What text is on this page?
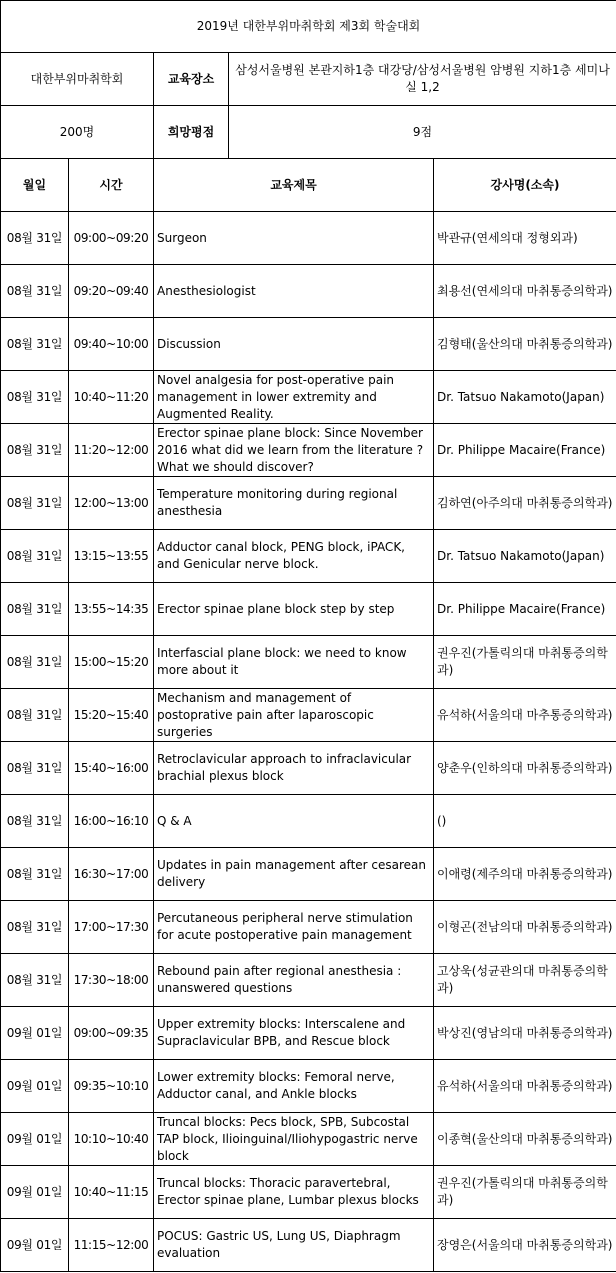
2019년 대한부위마취학회 제3회 학술대회				
대한부위마취학회		교육장소	삼성서울병원 본관지하1층 대강당/삼성서울병원 암병원 지하1층 세미나실 1,2	
200명		희망평점	9점	
월일	시간	교육제목		강사명(소속)
08월 31일	09:00~09:20	Surgeon		박관규(연세의대 정형외과)
08월 31일	09:20~09:40	Anesthesiologist		최용선(연세의대 마취통증의학과)
08월 31일	09:40~10:00	Discussion		김형태(울산의대 마취통증의학과)
08월 31일	10:40~11:20	Novel analgesia for post-operative pain management in lower extremity and Augmented Reality.		Dr. Tatsuo Nakamoto(Japan)
08월 31일	11:20~12:00	Erector spinae plane block: Since November 2016 what did we learn from the literature ? What we should discover?		Dr. Philippe Macaire(France)
08월 31일	12:00~13:00	Temperature monitoring during regional anesthesia		김하연(아주의대 마취통증의학과)
08월 31일	13:15~13:55	Adductor canal block, PENG block, iPACK, and Genicular nerve block.		Dr. Tatsuo Nakamoto(Japan)
08월 31일	13:55~14:35	Erector spinae plane block step by step		Dr. Philippe Macaire(France)
08월 31일	15:00~15:20	Interfascial plane block: we need to know more about it		권우진(가톨릭의대 마취통증의학과)
08월 31일	15:20~15:40	Mechanism and management of postoprative pain after laparoscopic surgeries		유석하(서울의대 마추통증의학과)
08월 31일	15:40~16:00	Retroclavicular approach to infraclavicular brachial plexus block		양춘우(인하의대 마취통증의학과)
08월 31일	16:00~16:10	Q & A		()
08월 31일	16:30~17:00	Updates in pain management after cesarean delivery		이애령(제주의대 마취통증의학과)
08월 31일	17:00~17:30	Percutaneous peripheral nerve stimulation for acute postoperative pain management		이형곤(전남의대 마취통증의학과)
08월 31일	17:30~18:00	Rebound pain after regional anesthesia : unanswered questions		고상욱(성균관의대 마취통증의학과)
09월 01일	09:00~09:35	Upper extremity blocks: Interscalene and Supraclavicular BPB, and Rescue block		박상진(영남의대 마취통증의학과)
09월 01일	09:35~10:10	Lower extremity blocks: Femoral nerve, Adductor canal, and Ankle blocks		유석하(서울의대 마취통증의학과)
09월 01일	10:10~10:40	Truncal blocks: Pecs block, SPB, Subcostal TAP block, Ilioinguinal/Iliohypogastric nerve block		이종혁(울산의대 마취통증의학과)
09월 01일	10:40~11:15	Truncal blocks: Thoracic paravertebral, Erector spinae plane, Lumbar plexus blocks		권우진(가톨릭의대 마취통증의학과)
09월 01일	11:15~12:00	POCUS: Gastric US, Lung US, Diaphragm evaluation		장영은(서울의대 마취통증의학과)
